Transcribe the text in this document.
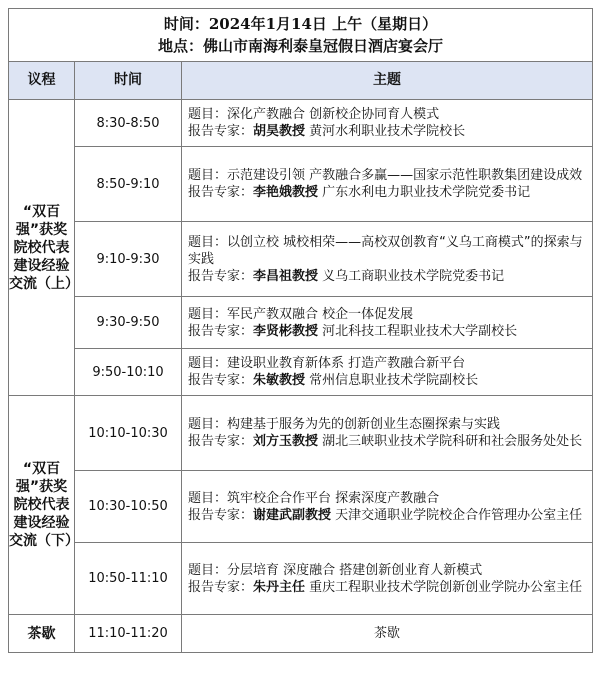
时间：2024年1月14日 上午（星期日）
地点：佛山市南海利泰皇冠假日酒店宴会厅		

议程	时间	主题
“双百强”获奖院校代表建设经验交流（上）	8:30-8:50	题目：深化产教融合 创新校企协同育人模式
报告专家：胡昊教授 黄河水利职业技术学院校长

	8:50-9:10	题目：示范建设引领 产教融合多赢——国家示范性职教集团建设成效
报告专家：李艳娥教授 广东水利电力职业技术学院党委书记

	9:10-9:30	题目：以创立校 城校相荣——高校双创教育“义乌工商模式”的探索与实践
报告专家：李昌祖教授 义乌工商职业技术学院党委书记

	9:30-9:50	题目：军民产教双融合 校企一体促发展
报告专家：李贤彬教授 河北科技工程职业技术大学副校长

	9:50-10:10	题目：建设职业教育新体系 打造产教融合新平台
报告专家：朱敏教授 常州信息职业技术学院副校长

“双百强”获奖院校代表建设经验交流（下）	10:10-10:30	题目：构建基于服务为先的创新创业生态圈探索与实践
报告专家：刘方玉教授 湖北三峡职业技术学院科研和社会服务处处长

	10:30-10:50	题目：筑牢校企合作平台 探索深度产教融合
报告专家：谢建武副教授 天津交通职业学院校企合作管理办公室主任

	10:50-11:10	题目：分层培育 深度融合 搭建创新创业育人新模式
报告专家：朱丹主任 重庆工程职业技术学院创新创业学院办公室主任

茶歇	11:10-11:20	茶歇
